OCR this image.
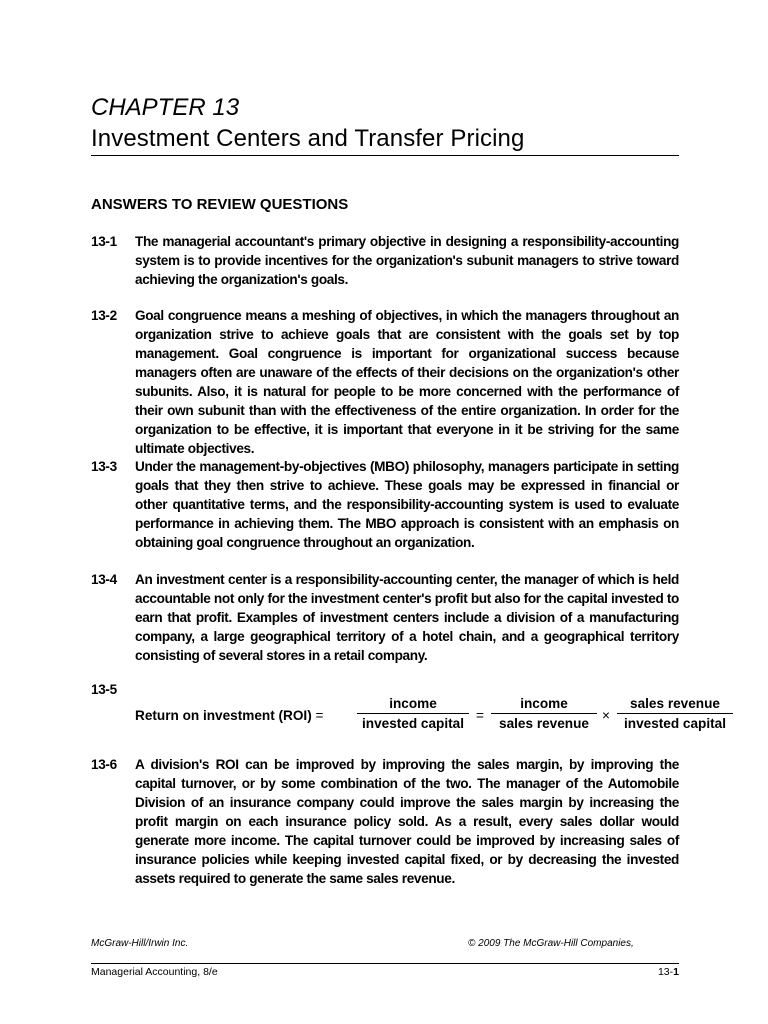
CHAPTER 13
Investment Centers and Transfer Pricing
ANSWERS TO REVIEW QUESTIONS
13-1 The managerial accountant's primary objective in designing a responsibility-accounting system is to provide incentives for the organization's subunit managers to strive toward achieving the organization's goals.
13-2 Goal congruence means a meshing of objectives, in which the managers throughout an organization strive to achieve goals that are consistent with the goals set by top management. Goal congruence is important for organizational success because managers often are unaware of the effects of their decisions on the organization's other subunits. Also, it is natural for people to be more concerned with the performance of their own subunit than with the effectiveness of the entire organization. In order for the organization to be effective, it is important that everyone in it be striving for the same ultimate objectives.
13-3 Under the management-by-objectives (MBO) philosophy, managers participate in setting goals that they then strive to achieve. These goals may be expressed in financial or other quantitative terms, and the responsibility-accounting system is used to evaluate performance in achieving them. The MBO approach is consistent with an emphasis on obtaining goal congruence throughout an organization.
13-4 An investment center is a responsibility-accounting center, the manager of which is held accountable not only for the investment center's profit but also for the capital invested to earn that profit. Examples of investment centers include a division of a manufacturing company, a large geographical territory of a hotel chain, and a geographical territory consisting of several stores in a retail company.
13-5
Return on investment (ROI) =
income
invested capital
=
income
sales revenue
×
sales revenue
invested capital
13-6 A division's ROI can be improved by improving the sales margin, by improving the capital turnover, or by some combination of the two. The manager of the Automobile Division of an insurance company could improve the sales margin by increasing the profit margin on each insurance policy sold. As a result, every sales dollar would generate more income. The capital turnover could be improved by increasing sales of insurance policies while keeping invested capital fixed, or by decreasing the invested assets required to generate the same sales revenue.
McGraw-Hill/Irwin Inc.	© 2009 The McGraw-Hill Companies,
Managerial Accounting, 8/e	13-1
